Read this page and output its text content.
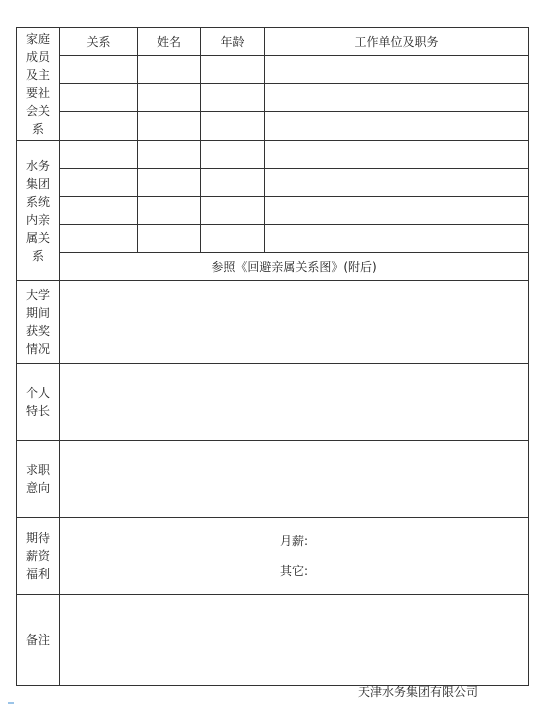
家庭成员及主要社会关系	关系	姓名	年龄	工作单位及职务

水务集团系统内亲属关系				

	参照《回避亲属关系图》(附后)			
大学期间获奖情况				
个人特长				
求职意向				
期待薪资福利	月薪:
其它:			

备注				
天津水务集团有限公司
